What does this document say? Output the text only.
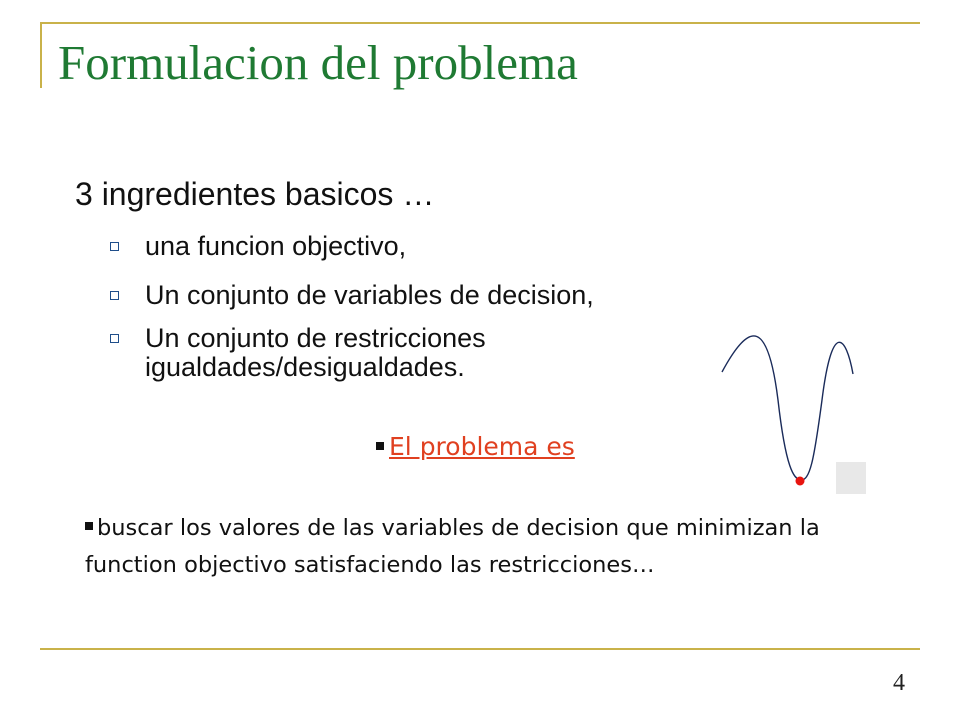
Formulacion del problema
3 ingredientes basicos …
una funcion objectivo,
Un conjunto de variables de decision,
Un conjunto de restricciones igualdades/desigualdades.
El problema es
buscar los valores de las variables de decision que minimizan la function objectivo satisfaciendo las restricciones…
4
